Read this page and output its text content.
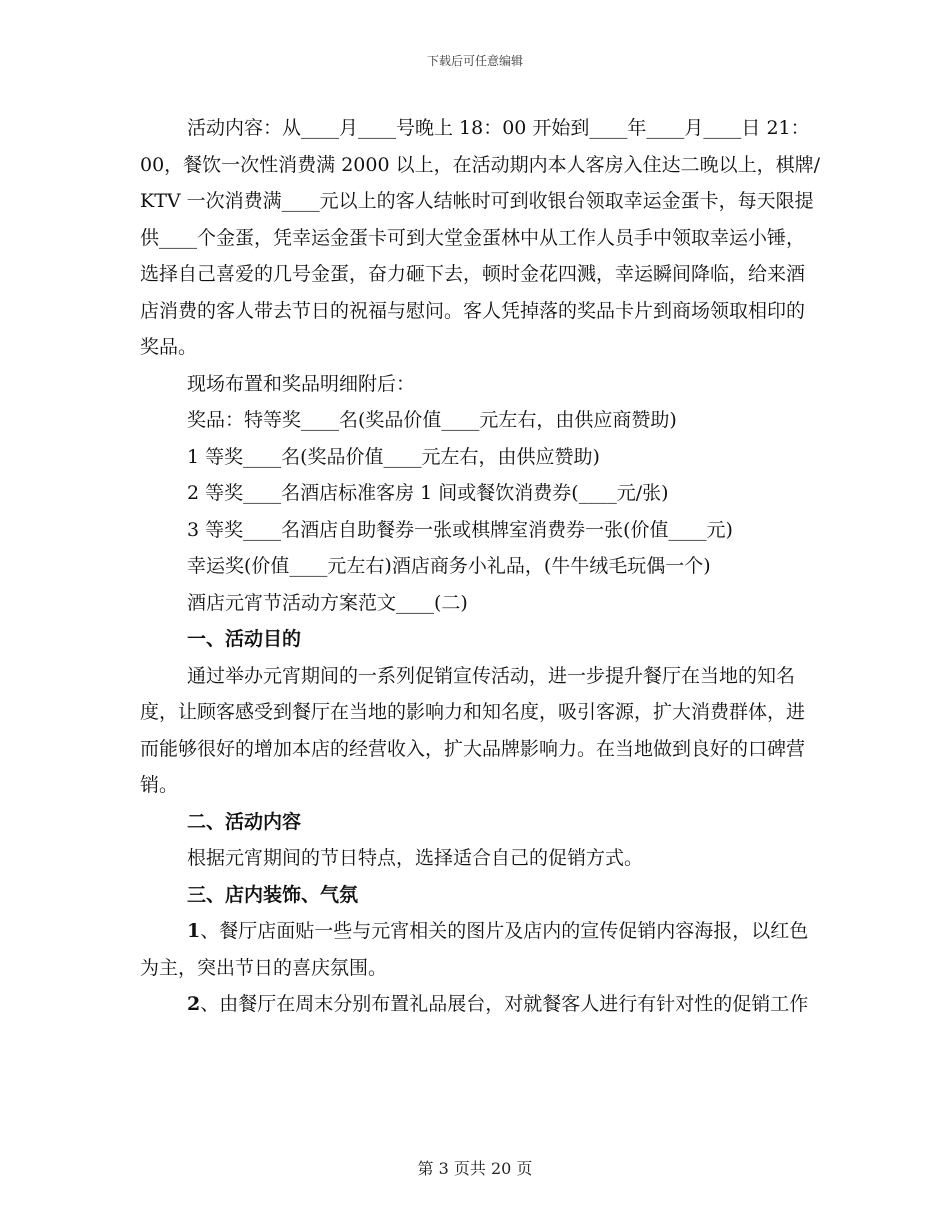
下载后可任意编辑

活动内容：从____月____号晚上 18：00 开始到____年____月____日 21：00，餐饮一次性消费满 2000 以上，在活动期内本人客房入住达二晚以上，棋牌/KTV 一次消费满____元以上的客人结帐时可到收银台领取幸运金蛋卡，每天限提供____个金蛋，凭幸运金蛋卡可到大堂金蛋林中从工作人员手中领取幸运小锤，选择自己喜爱的几号金蛋，奋力砸下去，顿时金花四溅，幸运瞬间降临，给来酒店消费的客人带去节日的祝福与慰问。客人凭掉落的奖品卡片到商场领取相印的奖品。

现场布置和奖品明细附后：

奖品：特等奖____名(奖品价值____元左右，由供应商赞助)

1 等奖____名(奖品价值____元左右，由供应赞助)

2 等奖____名酒店标准客房 1 间或餐饮消费券(____元/张)

3 等奖____名酒店自助餐券一张或棋牌室消费券一张(价值____元)

幸运奖(价值____元左右)酒店商务小礼品，(牛牛绒毛玩偶一个)

酒店元宵节活动方案范文____(二)

一、活动目的

通过举办元宵期间的一系列促销宣传活动，进一步提升餐厅在当地的知名度，让顾客感受到餐厅在当地的影响力和知名度，吸引客源，扩大消费群体，进而能够很好的增加本店的经营收入，扩大品牌影响力。在当地做到良好的口碑营销。

二、活动内容

根据元宵期间的节日特点，选择适合自己的促销方式。

三、店内装饰、气氛

1、餐厅店面贴一些与元宵相关的图片及店内的宣传促销内容海报，以红色为主，突出节日的喜庆氛围。

2、由餐厅在周末分别布置礼品展台，对就餐客人进行有针对性的促销工作

第 3 页共 20 页
